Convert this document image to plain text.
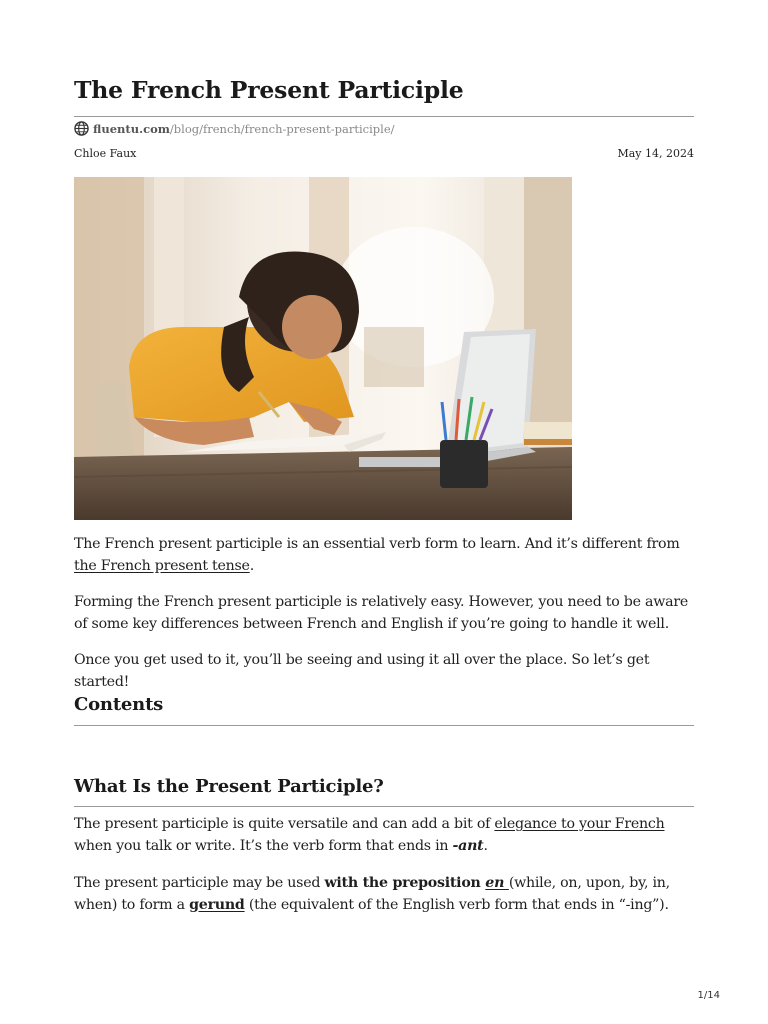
The French Present Participle
fluentu.com /blog/french/french-present-participle/
Chloe Faux	May 14, 2024

The French present participle is an essential verb form to learn. And it’s different from the French present tense.

Forming the French present participle is relatively easy. However, you need to be aware of some key differences between French and English if you’re going to handle it well.

Once you get used to it, you’ll be seeing and using it all over the place. So let’s get started!

Contents
What Is the Present Participle?

The present participle is quite versatile and can add a bit of elegance to your French when you talk or write. It’s the verb form that ends in -ant.

The present participle may be used with the preposition en (while, on, upon, by, in, when) to form a gerund (the equivalent of the English verb form that ends in “-ing”).

1/14
